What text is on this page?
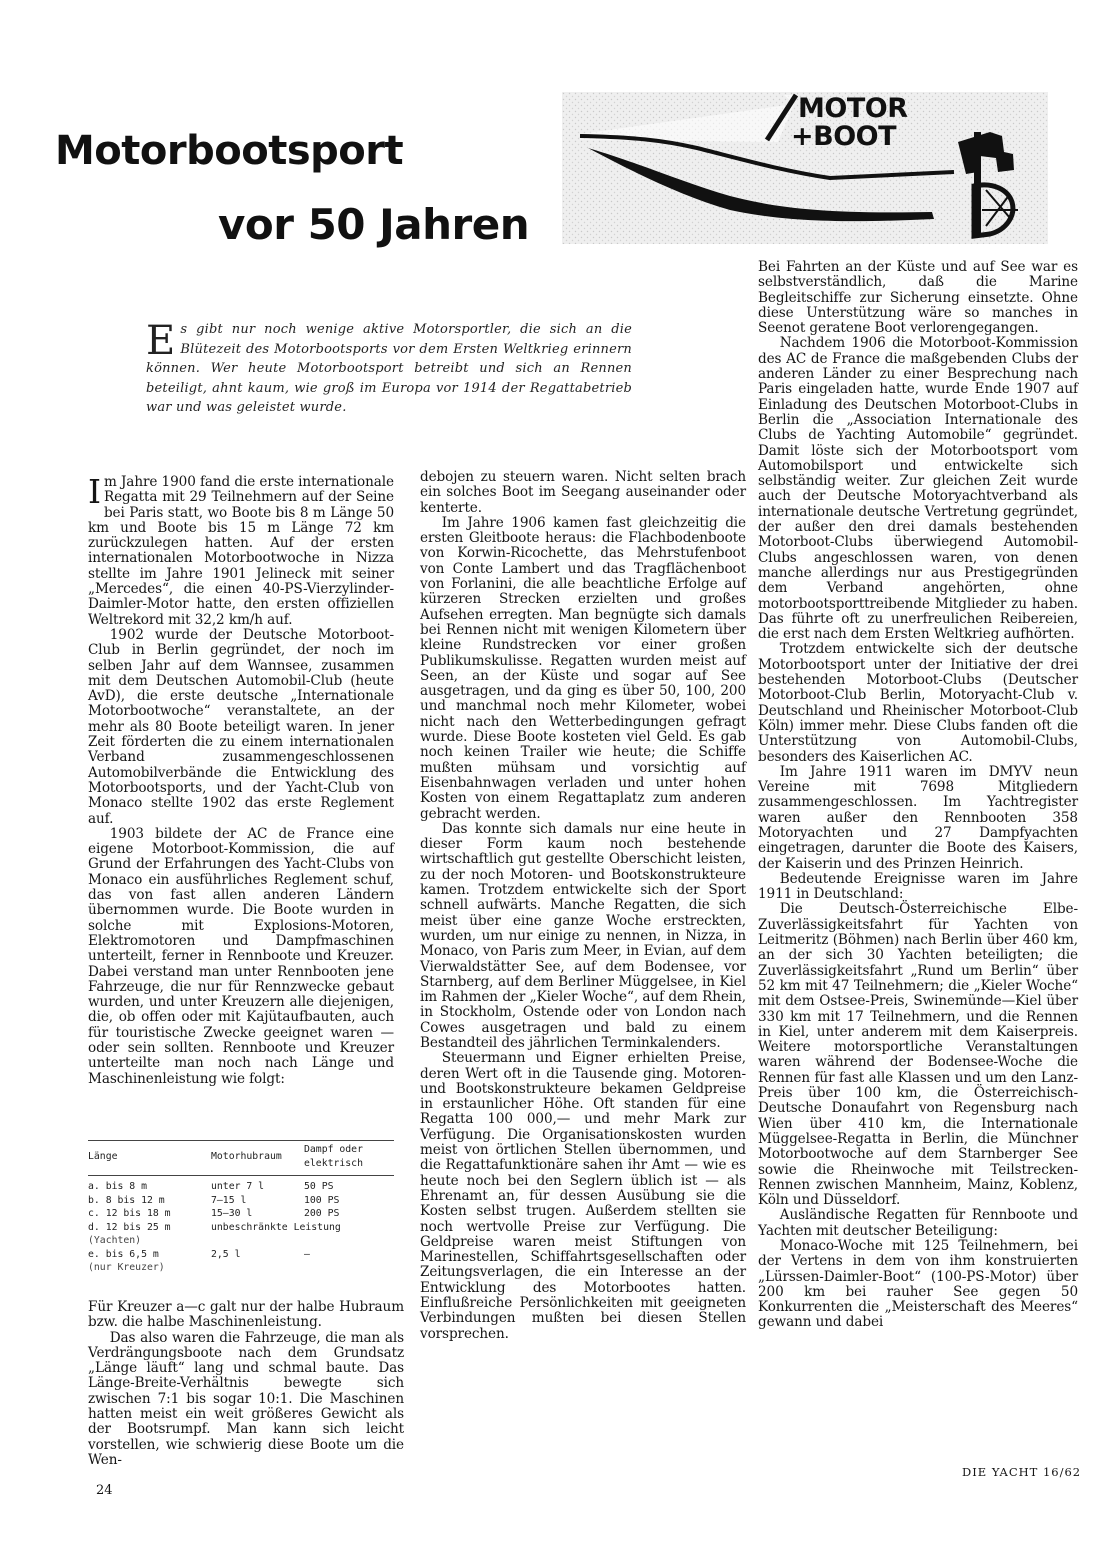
Motorbootsport
vor 50 Jahren
MOTOR
+BOOT

Es gibt nur noch wenige aktive Motorsportler, die sich an die Blütezeit des Motorbootsports vor dem Ersten Weltkrieg erinnern können. Wer heute Motorbootsport betreibt und sich an Rennen beteiligt, ahnt kaum, wie groß im Europa vor 1914 der Regattabetrieb war und was geleistet wurde.

Im Jahre 1900 fand die erste internationale Regatta mit 29 Teilnehmern auf der Seine bei Paris statt, wo Boote bis 8 m Länge 50 km und Boote bis 15 m Länge 72 km zurückzulegen hatten. Auf der ersten internationalen Motorbootwoche in Nizza stellte im Jahre 1901 Jelineck mit seiner „Mercedes“, die einen 40-PS-Vierzylinder-Daimler-Motor hatte, den ersten offiziellen Weltrekord mit 32,2 km/h auf.

1902 wurde der Deutsche Motorboot-Club in Berlin gegründet, der noch im selben Jahr auf dem Wannsee, zusammen mit dem Deutschen Automobil-Club (heute AvD), die erste deutsche „Internationale Motorbootwoche“ veranstaltete, an der mehr als 80 Boote beteiligt waren. In jener Zeit förderten die zu einem internationalen Verband zusammengeschlossenen Automobilverbände die Entwicklung des Motorbootsports, und der Yacht-Club von Monaco stellte 1902 das erste Reglement auf.

1903 bildete der AC de France eine eigene Motorboot-Kommission, die auf Grund der Erfahrungen des Yacht-Clubs von Monaco ein ausführliches Reglement schuf, das von fast allen anderen Ländern übernommen wurde. Die Boote wurden in solche mit Explosions-Motoren, Elektromotoren und Dampfmaschinen unterteilt, ferner in Rennboote und Kreuzer. Dabei verstand man unter Rennbooten jene Fahrzeuge, die nur für Rennzwecke gebaut wurden, und unter Kreuzern alle diejenigen, die, ob offen oder mit Kajütaufbauten, auch für touristische Zwecke geeignet waren — oder sein sollten. Rennboote und Kreuzer unterteilte man noch nach Länge und Maschinenleistung wie folgt:

Länge	Motorhubraum	Dampf oder elektrisch
a. bis 8 m	unter 7 l	50 PS
b. 8 bis 12 m	7–15 l	100 PS
c. 12 bis 18 m	15–30 l	200 PS
d. 12 bis 25 m
(Yachten)	unbeschränkte Leistung	
e. bis 6,5 m
(nur Kreuzer)	2,5 l	–

Für Kreuzer a—c galt nur der halbe Hubraum bzw. die halbe Maschinenleistung.

Das also waren die Fahrzeuge, die man als Verdrängungsboote nach dem Grundsatz „Länge läuft“ lang und schmal baute. Das Länge-Breite-Verhältnis bewegte sich zwischen 7:1 bis sogar 10:1. Die Maschinen hatten meist ein weit größeres Gewicht als der Bootsrumpf. Man kann sich leicht vorstellen, wie schwierig diese Boote um die Wen-

debojen zu steuern waren. Nicht selten brach ein solches Boot im Seegang auseinander oder kenterte.

Im Jahre 1906 kamen fast gleichzeitig die ersten Gleitboote heraus: die Flachbodenboote von Korwin-Ricochette, das Mehrstufenboot von Conte Lambert und das Tragflächenboot von Forlanini, die alle beachtliche Erfolge auf kürzeren Strecken erzielten und großes Aufsehen erregten. Man begnügte sich damals bei Rennen nicht mit wenigen Kilometern über kleine Rundstrecken vor einer großen Publikumskulisse. Regatten wurden meist auf Seen, an der Küste und sogar auf See ausgetragen, und da ging es über 50, 100, 200 und manchmal noch mehr Kilometer, wobei nicht nach den Wetterbedingungen gefragt wurde. Diese Boote kosteten viel Geld. Es gab noch keinen Trailer wie heute; die Schiffe mußten mühsam und vorsichtig auf Eisenbahnwagen verladen und unter hohen Kosten von einem Regattaplatz zum anderen gebracht werden.

Das konnte sich damals nur eine heute in dieser Form kaum noch bestehende wirtschaftlich gut gestellte Oberschicht leisten, zu der noch Motoren- und Bootskonstrukteure kamen. Trotzdem entwickelte sich der Sport schnell aufwärts. Manche Regatten, die sich meist über eine ganze Woche erstreckten, wurden, um nur einige zu nennen, in Nizza, in Monaco, von Paris zum Meer, in Evian, auf dem Vierwaldstätter See, auf dem Bodensee, vor Starnberg, auf dem Berliner Müggelsee, in Kiel im Rahmen der „Kieler Woche“, auf dem Rhein, in Stockholm, Ostende oder von London nach Cowes ausgetragen und bald zu einem Bestandteil des jährlichen Terminkalenders.

Steuermann und Eigner erhielten Preise, deren Wert oft in die Tausende ging. Motoren- und Bootskonstrukteure bekamen Geldpreise in erstaunlicher Höhe. Oft standen für eine Regatta 100 000,— und mehr Mark zur Verfügung. Die Organisationskosten wurden meist von örtlichen Stellen übernommen, und die Regattafunktionäre sahen ihr Amt — wie es heute noch bei den Seglern üblich ist — als Ehrenamt an, für dessen Ausübung sie die Kosten selbst trugen. Außerdem stellten sie noch wertvolle Preise zur Verfügung. Die Geldpreise waren meist Stiftungen von Marinestellen, Schiffahrtsgesellschaften oder Zeitungsverlagen, die ein Interesse an der Entwicklung des Motorbootes hatten. Einflußreiche Persönlichkeiten mit geeigneten Verbindungen mußten bei diesen Stellen vorsprechen.

Bei Fahrten an der Küste und auf See war es selbstverständlich, daß die Marine Begleitschiffe zur Sicherung einsetzte. Ohne diese Unterstützung wäre so manches in Seenot geratene Boot verlorengegangen.

Nachdem 1906 die Motorboot-Kommission des AC de France die maßgebenden Clubs der anderen Länder zu einer Besprechung nach Paris eingeladen hatte, wurde Ende 1907 auf Einladung des Deutschen Motorboot-Clubs in Berlin die „Association Internationale des Clubs de Yachting Automobile“ gegründet. Damit löste sich der Motorbootsport vom Automobilsport und entwickelte sich selbständig weiter. Zur gleichen Zeit wurde auch der Deutsche Motoryachtverband als internationale deutsche Vertretung gegründet, der außer den drei damals bestehenden Motorboot-Clubs überwiegend Automobil-Clubs angeschlossen waren, von denen manche allerdings nur aus Prestigegründen dem Verband angehörten, ohne motorbootsporttreibende Mitglieder zu haben. Das führte oft zu unerfreulichen Reibereien, die erst nach dem Ersten Weltkrieg aufhörten.

Trotzdem entwickelte sich der deutsche Motorbootsport unter der Initiative der drei bestehenden Motorboot-Clubs (Deutscher Motorboot-Club Berlin, Motoryacht-Club v. Deutschland und Rheinischer Motorboot-Club Köln) immer mehr. Diese Clubs fanden oft die Unterstützung von Automobil-Clubs, besonders des Kaiserlichen AC.

Im Jahre 1911 waren im DMYV neun Vereine mit 7698 Mitgliedern zusammengeschlossen. Im Yachtregister waren außer den Rennbooten 358 Motoryachten und 27 Dampfyachten eingetragen, darunter die Boote des Kaisers, der Kaiserin und des Prinzen Heinrich.

Bedeutende Ereignisse waren im Jahre 1911 in Deutschland:

Die Deutsch-Österreichische Elbe-Zuverlässigkeitsfahrt für Yachten von Leitmeritz (Böhmen) nach Berlin über 460 km, an der sich 30 Yachten beteiligten; die Zuverlässigkeitsfahrt „Rund um Berlin“ über 52 km mit 47 Teilnehmern; die „Kieler Woche“ mit dem Ostsee-Preis, Swinemünde—Kiel über 330 km mit 17 Teilnehmern, und die Rennen in Kiel, unter anderem mit dem Kaiserpreis. Weitere motorsportliche Veranstaltungen waren während der Bodensee-Woche die Rennen für fast alle Klassen und um den Lanz-Preis über 100 km, die Österreichisch-Deutsche Donaufahrt von Regensburg nach Wien über 410 km, die Internationale Müggelsee-Regatta in Berlin, die Münchner Motorbootwoche auf dem Starnberger See sowie die Rheinwoche mit Teilstrecken-Rennen zwischen Mannheim, Mainz, Koblenz, Köln und Düsseldorf.

Ausländische Regatten für Rennboote und Yachten mit deutscher Beteiligung:

Monaco-Woche mit 125 Teilnehmern, bei der Vertens in dem von ihm konstruierten „Lürssen-Daimler-Boot“ (100-PS-Motor) über 200 km bei rauher See gegen 50 Konkurrenten die „Meisterschaft des Meeres“ gewann und dabei

24
DIE YACHT 16/62
